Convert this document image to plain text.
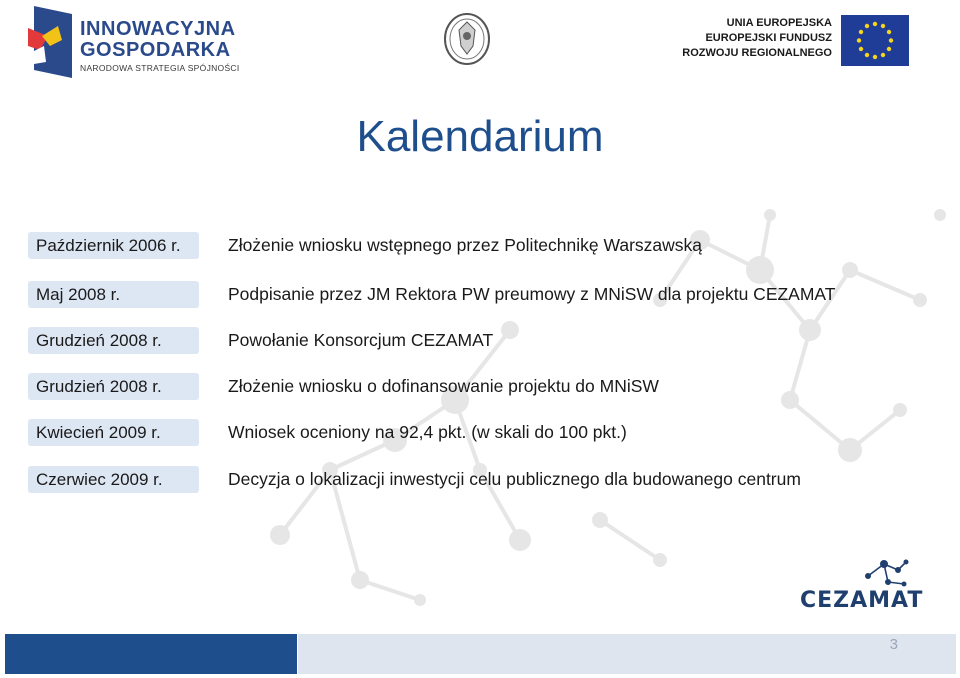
INNOWACYJNA
GOSPODARKA
NARODOWA STRATEGIA SPÓJNOŚCI
UNIA EUROPEJSKA
EUROPEJSKI FUNDUSZ
ROZWOJU REGIONALNEGO
Kalendarium
Październik 2006 r.	Złożenie wniosku wstępnego przez Politechnikę Warszawską
Maj 2008 r.	Podpisanie przez JM Rektora PW preumowy z MNiSW dla projektu CEZAMAT
Grudzień 2008 r.	Powołanie Konsorcjum CEZAMAT
Grudzień 2008 r.	Złożenie wniosku o dofinansowanie projektu do MNiSW
Kwiecień 2009 r.	Wniosek oceniony na 92,4 pkt. (w skali do 100 pkt.)
Czerwiec 2009 r.	Decyzja o lokalizacji inwestycji celu publicznego dla budowanego centrum
CEZAMAT
3
